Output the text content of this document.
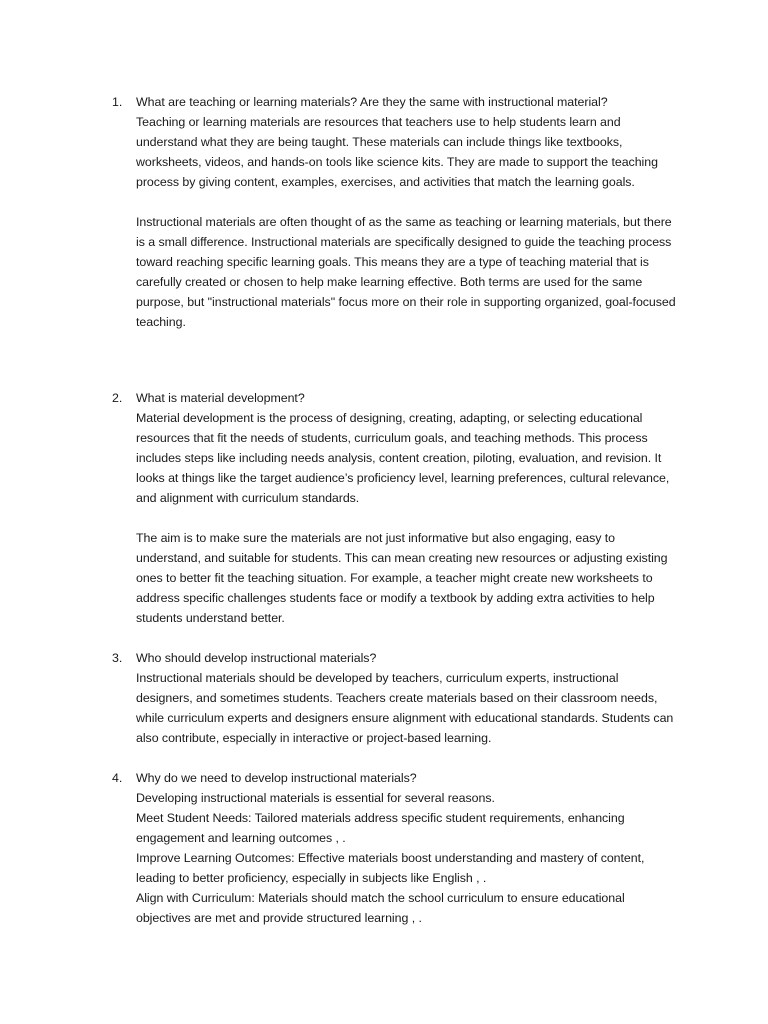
1. What are teaching or learning materials? Are they the same with instructional material?

Teaching or learning materials are resources that teachers use to help students learn and understand what they are being taught. These materials can include things like textbooks, worksheets, videos, and hands-on tools like science kits. They are made to support the teaching process by giving content, examples, exercises, and activities that match the learning goals.

Instructional materials are often thought of as the same as teaching or learning materials, but there is a small difference. Instructional materials are specifically designed to guide the teaching process toward reaching specific learning goals. This means they are a type of teaching material that is carefully created or chosen to help make learning effective. Both terms are used for the same purpose, but "instructional materials" focus more on their role in supporting organized, goal-focused teaching.

2. What is material development?

Material development is the process of designing, creating, adapting, or selecting educational resources that fit the needs of students, curriculum goals, and teaching methods. This process includes steps like including needs analysis, content creation, piloting, evaluation, and revision. It looks at things like the target audience’s proficiency level, learning preferences, cultural relevance, and alignment with curriculum standards.

The aim is to make sure the materials are not just informative but also engaging, easy to understand, and suitable for students. This can mean creating new resources or adjusting existing ones to better fit the teaching situation. For example, a teacher might create new worksheets to address specific challenges students face or modify a textbook by adding extra activities to help students understand better.

3. Who should develop instructional materials?

Instructional materials should be developed by teachers, curriculum experts, instructional designers, and sometimes students. Teachers create materials based on their classroom needs, while curriculum experts and designers ensure alignment with educational standards. Students can also contribute, especially in interactive or project-based learning.

4. Why do we need to develop instructional materials?

Developing instructional materials is essential for several reasons.

Meet Student Needs: Tailored materials address specific student requirements, enhancing engagement and learning outcomes , .

Improve Learning Outcomes: Effective materials boost understanding and mastery of content, leading to better proficiency, especially in subjects like English , .

Align with Curriculum: Materials should match the school curriculum to ensure educational objectives are met and provide structured learning , .
